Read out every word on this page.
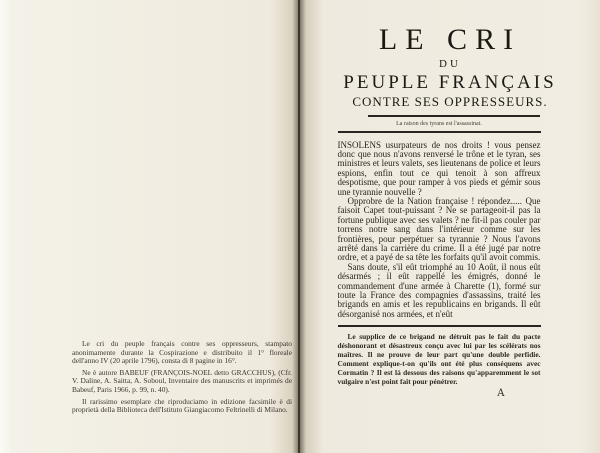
Le cri du peuple français contre ses oppresseurs, stampato anonimamente durante la Cospirazione e distribuito il 1° floreale dell'anno IV (20 aprile 1796), consta di 8 pagine in 16°.

Ne è autore BABEUF (FRANÇOIS-NOEL detto GRACCHUS), (Cfr. V. Daline, A. Saitta, A. Soboul, Inventaire des manuscrits et imprimés de Babeuf, Paris 1966, p. 99, n. 40).

Il rarissimo esemplare che riproduciamo in edizione facsimile è di proprietà della Biblioteca dell'Istituto Giangiacomo Feltrinelli di Milano.

LE CRI
DU
PEUPLE FRANÇAIS
CONTRE SES OPPRESSEURS.
La raison des tyrans est l'assassinat.

INSOLENS usurpateurs de nos droits ! vous pensez donc que nous n'avons renversé le trône et le tyran, ses ministres et leurs valets, ses lieutenans de police et leurs espions, enfin tout ce qui tenoit à son affreux despotisme, que pour ramper à vos pieds et gémir sous une tyrannie nouvelle ?

Opprobre de la Nation française ! répondez..... Que faisoit Capet tout-puissant ? Ne se partageoit-il pas la fortune publique avec ses valets ? ne fit-il pas couler par torrens notre sang dans l'intérieur comme sur les frontières, pour perpétuer sa tyrannie ? Nous l'avons arrêté dans la carrière du crime. Il a été jugé par notre ordre, et a payé de sa tête les forfaits qu'il avoit commis.

Sans doute, s'il eût triomphé au 10 Août, il nous eût désarmés ; il eût rappellé les émigrés, donné le commandement d'une armée à Charette (1), formé sur toute la France des compagnies d'assassins, traité les brigands en amis et les republicains en brigands. Il eût désorganisé nos armées, et n'eût

Le supplice de ce brigand ne détruit pas le fait du pacte déshonorant et désastreux conçu avec lui par les scélérats nos maîtres. Il ne prouve de leur part qu'une double perfidie. Comment explique-t-on qu'ils ont été plus conséquens avec Cormatin ? Il est là dessous des raisons qu'apparemment le sot vulgaire n'est point fait pour pénétrer.

A
